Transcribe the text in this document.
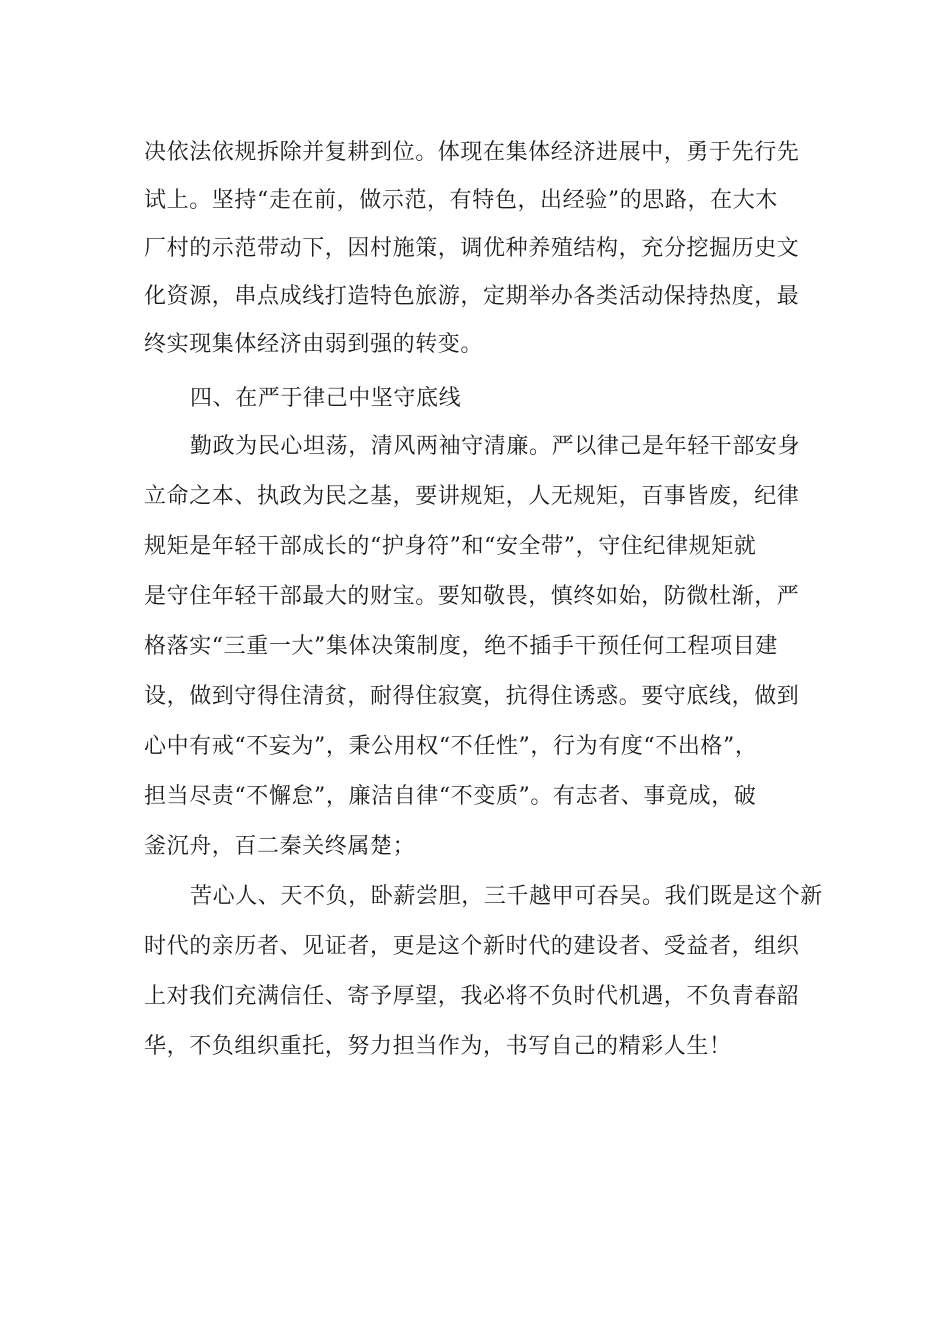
决依法依规拆除并复耕到位。体现在集体经济进展中，勇于先行先
试上。坚持“走在前，做示范，有特色，出经验”的思路，在大木
厂村的示范带动下，因村施策，调优种养殖结构，充分挖掘历史文
化资源，串点成线打造特色旅游，定期举办各类活动保持热度，最
终实现集体经济由弱到强的转变。
四、在严于律己中坚守底线
勤政为民心坦荡，清风两袖守清廉。严以律己是年轻干部安身
立命之本、执政为民之基，要讲规矩，人无规矩，百事皆废，纪律
规矩是年轻干部成长的“护身符”和“安全带”，守住纪律规矩就
是守住年轻干部最大的财宝。要知敬畏，慎终如始，防微杜渐，严
格落实“三重一大”集体决策制度，绝不插手干预任何工程项目建
设，做到守得住清贫，耐得住寂寞，抗得住诱惑。要守底线，做到
心中有戒“不妄为”，秉公用权“不任性”，行为有度“不出格”，
担当尽责“不懈怠”，廉洁自律“不变质”。有志者、事竟成，破
釜沉舟，百二秦关终属楚；
苦心人、天不负，卧薪尝胆，三千越甲可吞吴。我们既是这个新
时代的亲历者、见证者，更是这个新时代的建设者、受益者，组织
上对我们充满信任、寄予厚望，我必将不负时代机遇，不负青春韶
华，不负组织重托，努力担当作为，书写自己的精彩人生！
